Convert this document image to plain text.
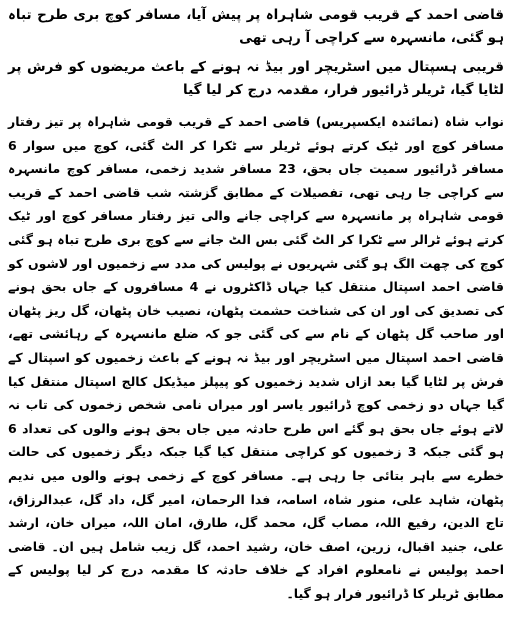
قاضی احمد کے قریب قومی شاہراہ پر پیش آیا، مسافر کوچ بری طرح تباہ ہو گئی، مانسہرہ سے کراچی آ رہی تھی
قریبی ہسپتال میں اسٹریچر اور بیڈ نہ ہونے کے باعث مریضوں کو فرش پر لٹایا گیا، ٹریلر ڈرائیور فرار، مقدمہ درج کر لیا گیا

نواب شاہ (نمائندہ ایکسپریس) قاضی احمد کے قریب قومی شاہراہ پر تیز رفتار مسافر کوچ اور ٹیک کرتے ہوئے ٹریلر سے ٹکرا کر الٹ گئی، کوچ میں سوار 6 مسافر ڈرائیور سمیت جاں بحق، 23 مسافر شدید زخمی، مسافر کوچ مانسہرہ سے کراچی جا رہی تھی، تفصیلات کے مطابق گزشتہ شب قاضی احمد کے قریب قومی شاہراہ پر مانسہرہ سے کراچی جانے والی تیز رفتار مسافر کوچ اور ٹیک کرتے ہوئے ٹرالر سے ٹکرا کر الٹ گئی بس الٹ جانے سے کوچ بری طرح تباہ ہو گئی کوچ کی چھت الگ ہو گئی شہریوں نے پولیس کی مدد سے زخمیوں اور لاشوں کو قاضی احمد اسپتال منتقل کیا جہاں ڈاکٹروں نے 4 مسافروں کے جاں بحق ہونے کی تصدیق کی اور ان کی شناخت حشمت پٹھان، نصیب خان پٹھان، گل ریز پٹھان اور صاحب گل پٹھان کے نام سے کی گئی جو کہ ضلع مانسہرہ کے رہائشی تھے، قاضی احمد اسپتال میں اسٹریچر اور بیڈ نہ ہونے کے باعث زخمیوں کو اسپتال کے فرش پر لٹایا گیا بعد ازاں شدید زخمیوں کو پیپلز میڈیکل کالج اسپتال منتقل کیا گیا جہاں دو زخمی کوچ ڈرائیور یاسر اور میراں نامی شخص زخموں کی تاب نہ لاتے ہوئے جاں بحق ہو گئے اس طرح حادثہ میں جاں بحق ہونے والوں کی تعداد 6 ہو گئی جبکہ 3 زخمیوں کو کراچی منتقل کیا گیا جبکہ دیگر زخمیوں کی حالت خطرے سے باہر بتائی جا رہی ہے۔ مسافر کوچ کے زخمی ہونے والوں میں ندیم پٹھان، شاہد علی، منور شاہ، اسامہ، فدا الرحمان، امیر گل، داد گل، عبدالرزاق، تاج الدین، رفیع اللہ، مصاب گل، محمد گل، طارق، امان اللہ، میراں خان، ارشد علی، جنید اقبال، زرین، اصف خان، رشید احمد، گل زیب شامل ہیں ان۔ قاضی احمد پولیس نے نامعلوم افراد کے خلاف حادثہ کا مقدمہ درج کر لیا پولیس کے مطابق ٹریلر کا ڈرائیور فرار ہو گیا۔
